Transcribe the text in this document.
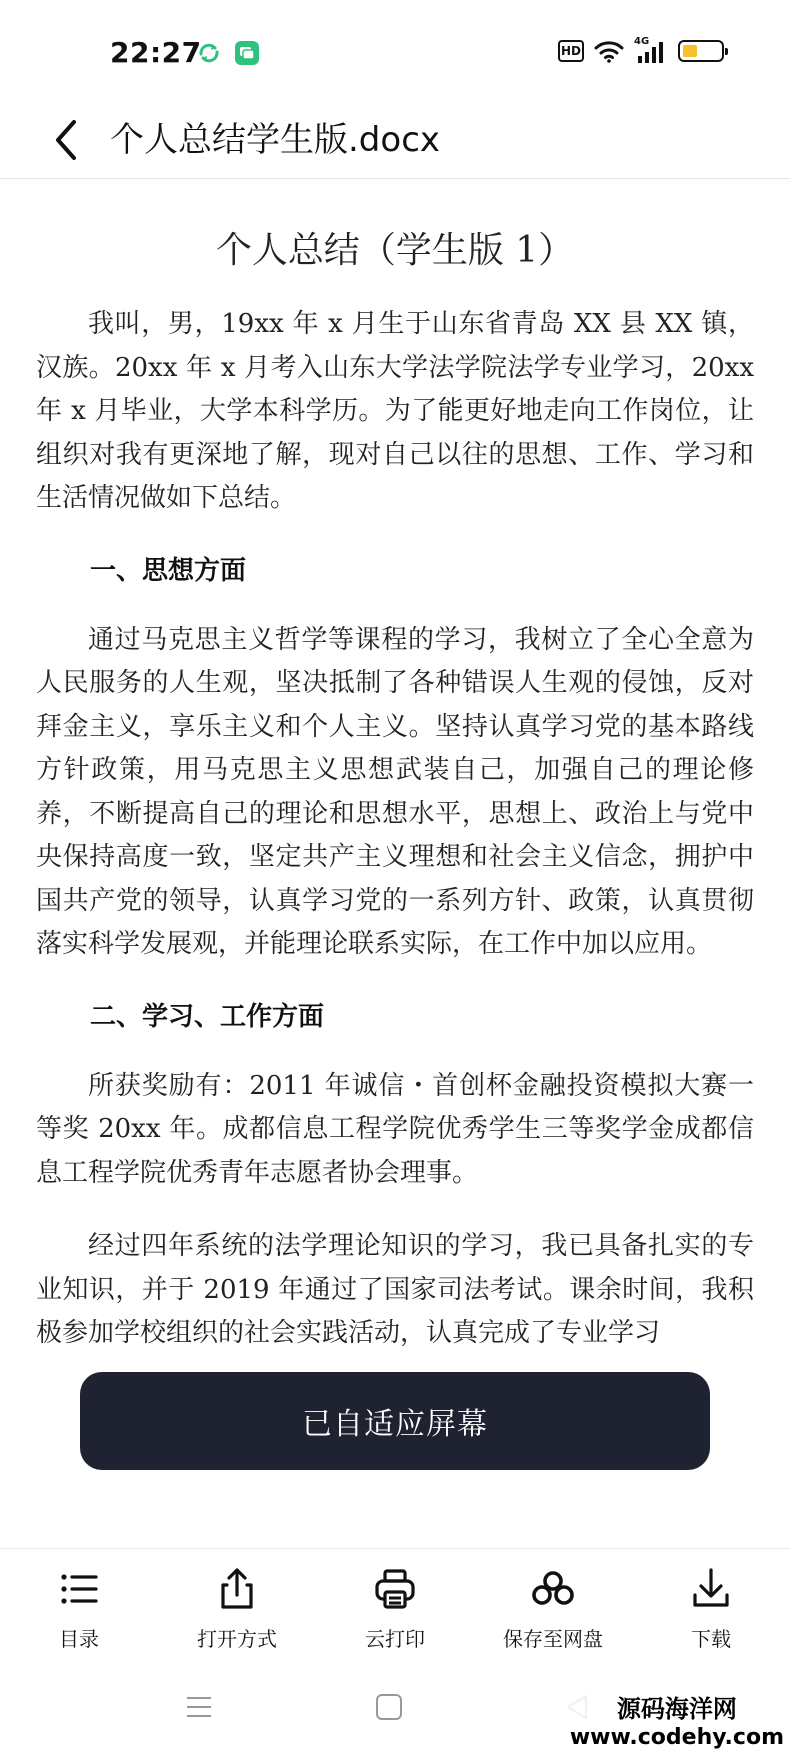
22:27	HD
4G
个人总结学生版.docx
个人总结（学生版 1）

我叫，男，19xx 年 x 月生于山东省青岛 XX 县 XX 镇，汉族。20xx 年 x 月考入山东大学法学院法学专业学习，20xx 年 x 月毕业，大学本科学历。为了能更好地走向工作岗位，让组织对我有更深地了解，现对自己以往的思想、工作、学习和生活情况做如下总结。

一、思想方面

通过马克思主义哲学等课程的学习，我树立了全心全意为人民服务的人生观，坚决抵制了各种错误人生观的侵蚀，反对拜金主义，享乐主义和个人主义。坚持认真学习党的基本路线方针政策，用马克思主义思想武装自己，加强自己的理论修养，不断提高自己的理论和思想水平，思想上、政治上与党中央保持高度一致，坚定共产主义理想和社会主义信念，拥护中国共产党的领导，认真学习党的一系列方针、政策，认真贯彻落实科学发展观，并能理论联系实际，在工作中加以应用。

二、学习、工作方面

所获奖励有：2011 年诚信・首创杯金融投资模拟大赛一等奖 20xx 年。成都信息工程学院优秀学生三等奖学金成都信息工程学院优秀青年志愿者协会理事。

经过四年系统的法学理论知识的学习，我已具备扎实的专业知识，并于 2019 年通过了国家司法考试。课余时间，我积极参加学校组织的社会实践活动，认真完成了专业学习

已自适应屏幕
目录	打开方式	云打印	保存至网盘	下载
源码海洋网
www.codehy.com
